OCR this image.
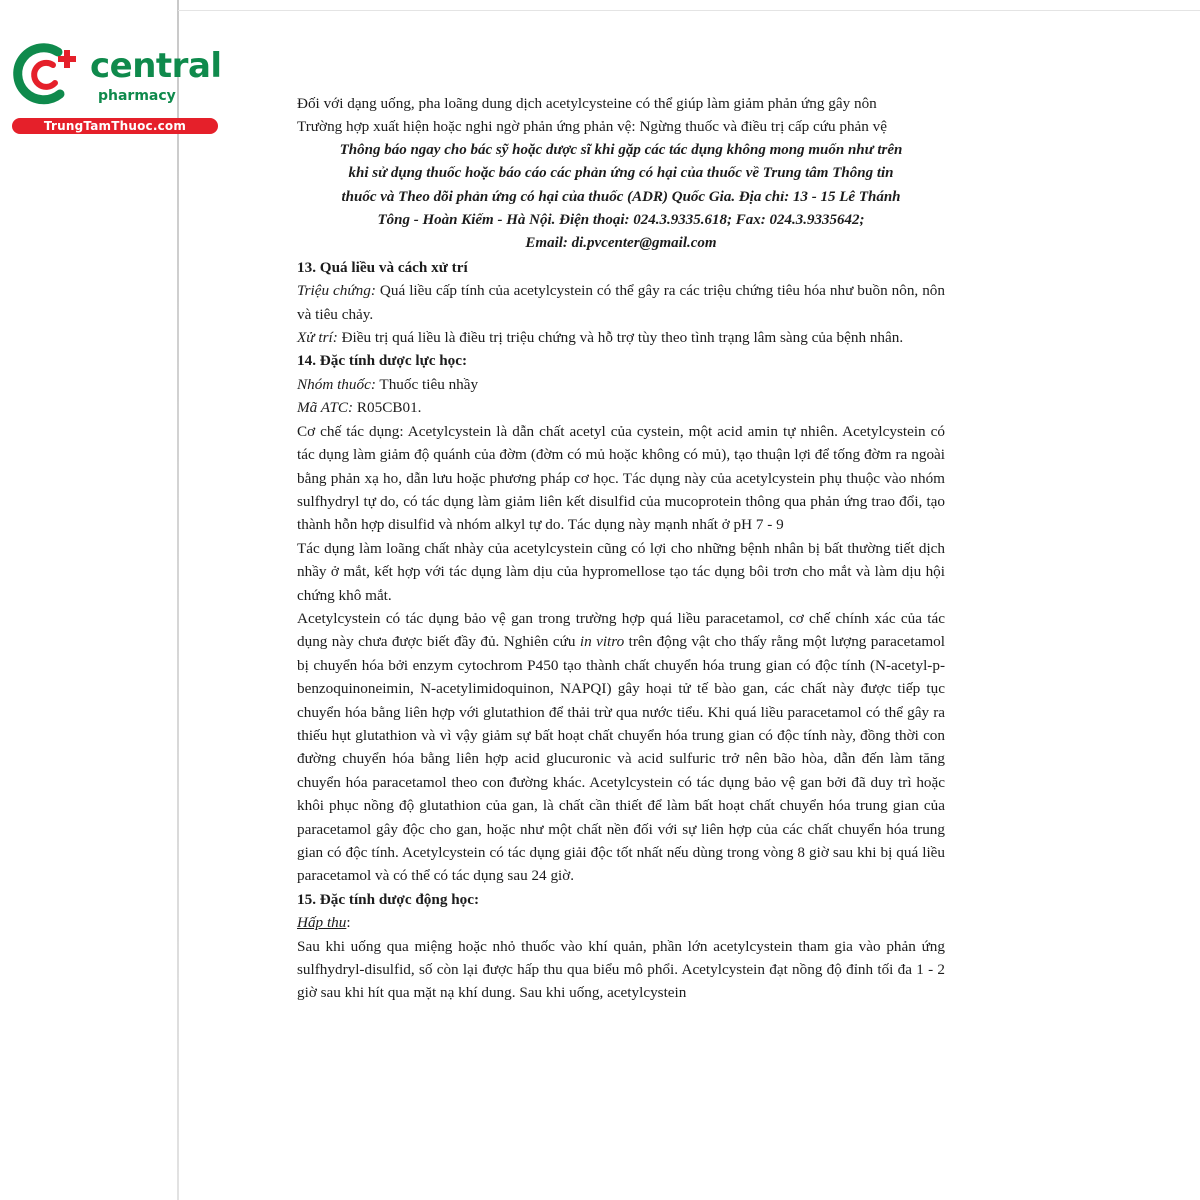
central
pharmacy
TrungTamThuoc.com

Đối với dạng uống, pha loãng dung dịch acetylcysteine có thể giúp làm giảm phản ứng gây nôn

Trường hợp xuất hiện hoặc nghi ngờ phản ứng phản vệ: Ngừng thuốc và điều trị cấp cứu phản vệ

Thông báo ngay cho bác sỹ hoặc dược sĩ khi gặp các tác dụng không mong muốn như trên
khi sử dụng thuốc hoặc báo cáo các phản ứng có hại của thuốc về Trung tâm Thông tin
thuốc và Theo dõi phản ứng có hại của thuốc (ADR) Quốc Gia. Địa chỉ: 13 - 15 Lê Thánh
Tông - Hoàn Kiếm - Hà Nội. Điện thoại: 024.3.9335.618; Fax: 024.3.9335642;
Email: di.pvcenter@gmail.com

13. Quá liều và cách xử trí

Triệu chứng: Quá liều cấp tính của acetylcystein có thể gây ra các triệu chứng tiêu hóa như buồn nôn, nôn và tiêu chảy.

Xử trí: Điều trị quá liều là điều trị triệu chứng và hỗ trợ tùy theo tình trạng lâm sàng của bệnh nhân.

14. Đặc tính dược lực học:

Nhóm thuốc: Thuốc tiêu nhầy

Mã ATC: R05CB01.

Cơ chế tác dụng: Acetylcystein là dẫn chất acetyl của cystein, một acid amin tự nhiên. Acetylcystein có tác dụng làm giảm độ quánh của đờm (đờm có mủ hoặc không có mủ), tạo thuận lợi để tống đờm ra ngoài bằng phản xạ ho, dẫn lưu hoặc phương pháp cơ học. Tác dụng này của acetylcystein phụ thuộc vào nhóm sulfhydryl tự do, có tác dụng làm giảm liên kết disulfid của mucoprotein thông qua phản ứng trao đổi, tạo thành hỗn hợp disulfid và nhóm alkyl tự do. Tác dụng này mạnh nhất ở pH 7 - 9

Tác dụng làm loãng chất nhày của acetylcystein cũng có lợi cho những bệnh nhân bị bất thường tiết dịch nhầy ở mắt, kết hợp với tác dụng làm dịu của hypromellose tạo tác dụng bôi trơn cho mắt và làm dịu hội chứng khô mắt.

Acetylcystein có tác dụng bảo vệ gan trong trường hợp quá liều paracetamol, cơ chế chính xác của tác dụng này chưa được biết đầy đủ. Nghiên cứu in vitro trên động vật cho thấy rằng một lượng paracetamol bị chuyển hóa bởi enzym cytochrom P450 tạo thành chất chuyển hóa trung gian có độc tính (N-acetyl-p- benzoquinoneimin, N-acetylimidoquinon, NAPQI) gây hoại tử tế bào gan, các chất này được tiếp tục chuyển hóa bằng liên hợp với glutathion để thải trừ qua nước tiểu. Khi quá liều paracetamol có thể gây ra thiếu hụt glutathion và vì vậy giảm sự bất hoạt chất chuyển hóa trung gian có độc tính này, đồng thời con đường chuyển hóa bằng liên hợp acid glucuronic và acid sulfuric trở nên bão hòa, dẫn đến làm tăng chuyển hóa paracetamol theo con đường khác. Acetylcystein có tác dụng bảo vệ gan bởi đã duy trì hoặc khôi phục nồng độ glutathion của gan, là chất cần thiết để làm bất hoạt chất chuyển hóa trung gian của paracetamol gây độc cho gan, hoặc như một chất nền đối với sự liên hợp của các chất chuyển hóa trung gian có độc tính. Acetylcystein có tác dụng giải độc tốt nhất nếu dùng trong vòng 8 giờ sau khi bị quá liều paracetamol và có thể có tác dụng sau 24 giờ.

15. Đặc tính dược động học:

Hấp thu:

Sau khi uống qua miệng hoặc nhỏ thuốc vào khí quản, phần lớn acetylcystein tham gia vào phản ứng sulfhydryl-disulfid, số còn lại được hấp thu qua biểu mô phổi. Acetylcystein đạt nồng độ đỉnh tối đa 1 - 2 giờ sau khi hít qua mặt nạ khí dung. Sau khi uống, acetylcystein
